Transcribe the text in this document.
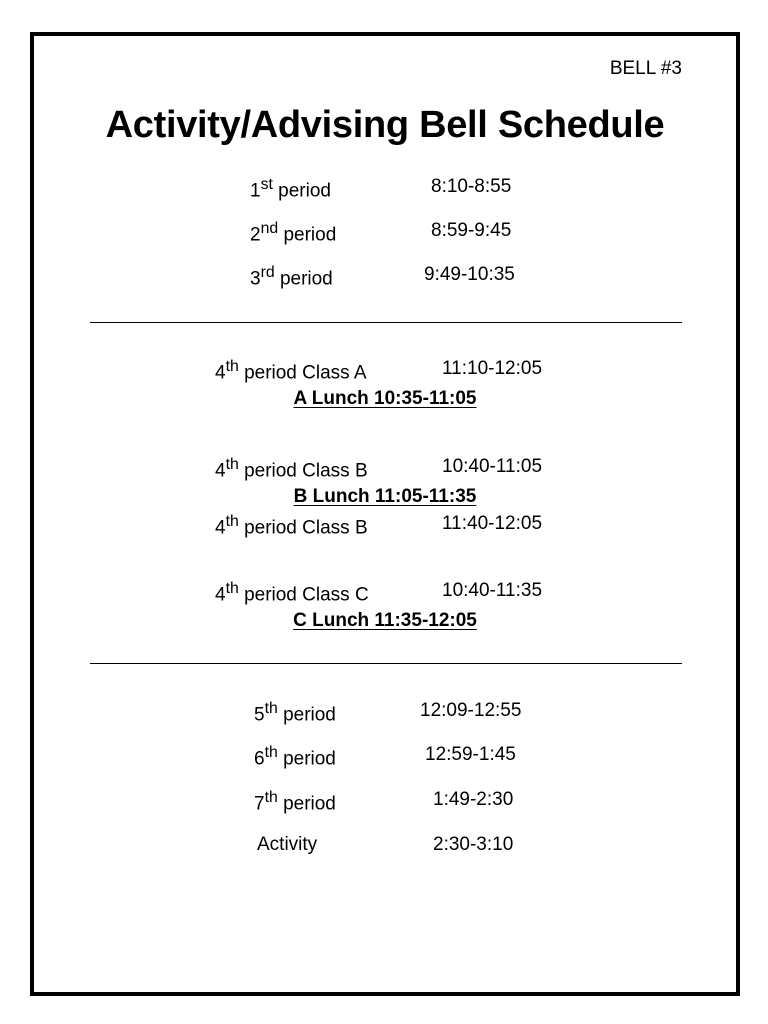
BELL #3
Activity/Advising Bell Schedule
1st period	8:10-8:55
2nd period	8:59-9:45
3rd period	9:49-10:35
4th period Class A	11:10-12:05
A Lunch 10:35-11:05
4th period Class B	10:40-11:05
B Lunch 11:05-11:35
4th period Class B	11:40-12:05
4th period Class C	10:40-11:35
C Lunch 11:35-12:05
5th period	12:09-12:55
6th period	12:59-1:45
7th period	1:49-2:30
Activity	2:30-3:10
